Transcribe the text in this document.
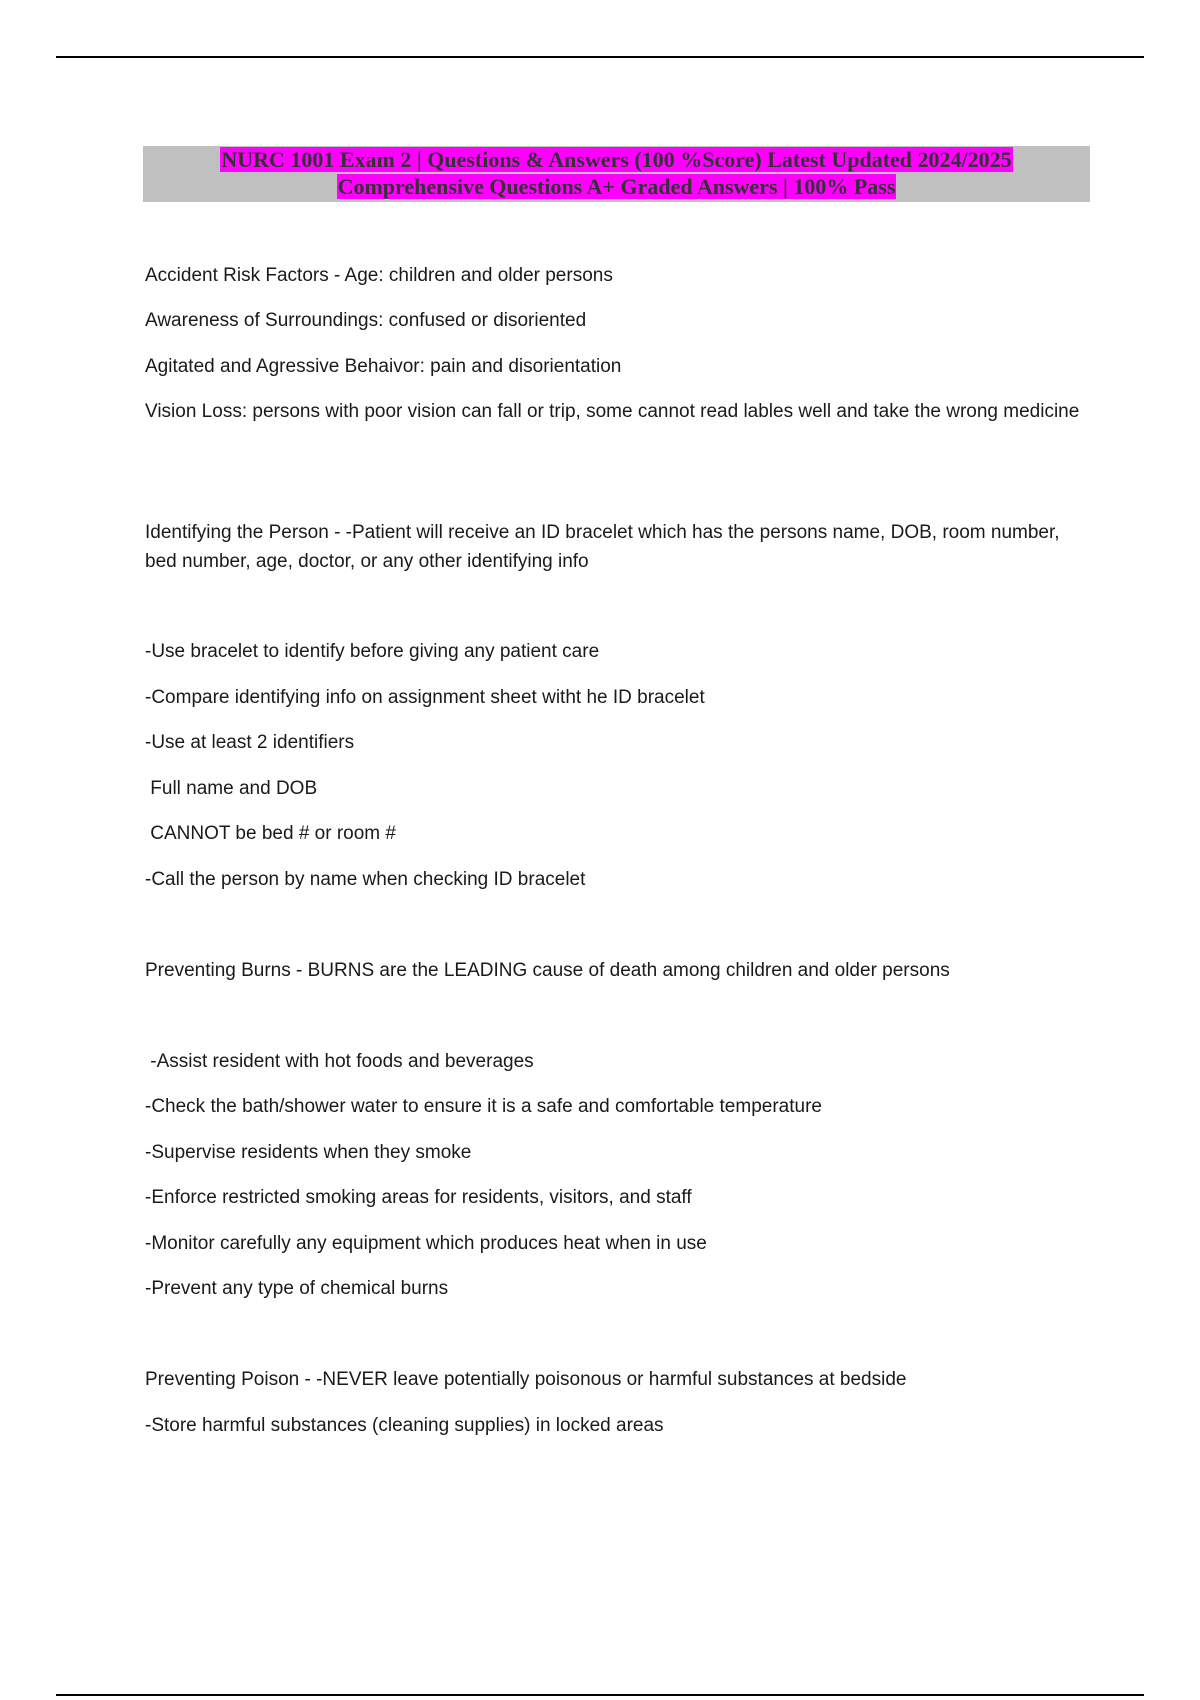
NURC 1001 Exam 2 | Questions & Answers (100 %Score) Latest Updated 2024/2025
Comprehensive Questions A+ Graded Answers | 100% Pass
Accident Risk Factors - Age: children and older persons
Awareness of Surroundings: confused or disoriented
Agitated and Agressive Behaivor: pain and disorientation
Vision Loss: persons with poor vision can fall or trip, some cannot read lables well and take the wrong medicine
Identifying the Person - -Patient will receive an ID bracelet which has the persons name, DOB, room number, bed number, age, doctor, or any other identifying info
-Use bracelet to identify before giving any patient care
-Compare identifying info on assignment sheet witht he ID bracelet
-Use at least 2 identifiers
Full name and DOB
CANNOT be bed # or room #
-Call the person by name when checking ID bracelet
Preventing Burns - BURNS are the LEADING cause of death among children and older persons
-Assist resident with hot foods and beverages
-Check the bath/shower water to ensure it is a safe and comfortable temperature
-Supervise residents when they smoke
-Enforce restricted smoking areas for residents, visitors, and staff
-Monitor carefully any equipment which produces heat when in use
-Prevent any type of chemical burns
Preventing Poison - -NEVER leave potentially poisonous or harmful substances at bedside
-Store harmful substances (cleaning supplies) in locked areas
